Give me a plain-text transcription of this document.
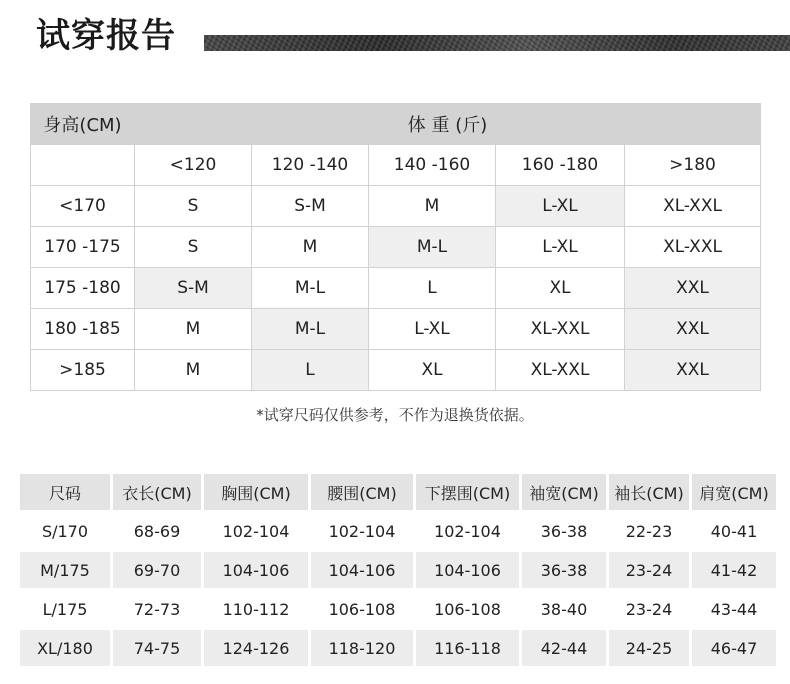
试穿报告
身高(CM)	体 重 (斤)				
	<120	120 -140	140 -160	160 -180	>180
<170	S	S-M	M	L-XL	XL-XXL
170 -175	S	M	M-L	L-XL	XL-XXL
175 -180	S-M	M-L	L	XL	XXL
180 -185	M	M-L	L-XL	XL-XXL	XXL
>185	M	L	XL	XL-XXL	XXL
*试穿尺码仅供参考，不作为退换货依据。
尺码	衣长(CM)	胸围(CM)	腰围(CM)	下摆围(CM)	袖宽(CM)	袖长(CM)	肩宽(CM)
S/170	68-69	102-104	102-104	102-104	36-38	22-23	40-41
M/175	69-70	104-106	104-106	104-106	36-38	23-24	41-42
L/175	72-73	110-112	106-108	106-108	38-40	23-24	43-44
XL/180	74-75	124-126	118-120	116-118	42-44	24-25	46-47
